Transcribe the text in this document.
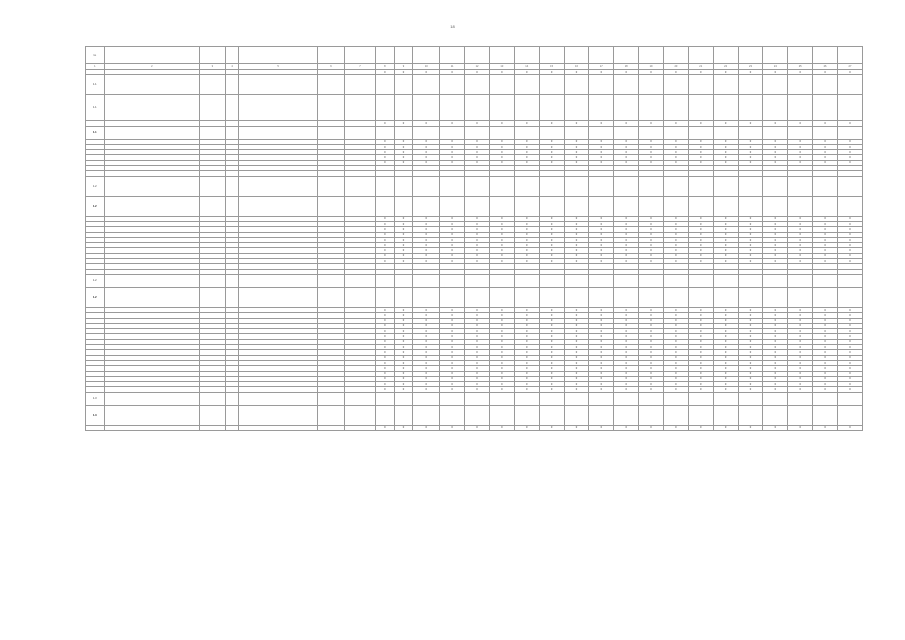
18
№																										
1	2	3	4	5	6	7	8	9	10	11	12	13	14	15	16	17	18	19	20	21	22	23	24	25	26	27
							0	0	0	0	0	0	0	0	0	0	0	0	0	0	0	0	0	0	0	0
1.1																										
1.1																										
							0	0	0	0	0	0	0	0	0	0	0	0	0	0	0	0	0	0	0	0
1.1																										
							0	0	0	0	0	0	0	0	0	0	0	0	0	0	0	0	0	0	0	0
							0	0	0	0	0	0	0	0	0	0	0	0	0	0	0	0	0	0	0	0
							0	0	0	0	0	0	0	0	0	0	0	0	0	0	0	0	0	0	0	0
							0	0	0	0	0	0	0	0	0	0	0	0	0	0	0	0	0	0	0	0
							0	0	0	0	0	0	0	0	0	0	0	0	0	0	0	0	0	0	0	0

1.2																										
1.2																										
							0	0	0	0	0	0	0	0	0	0	0	0	0	0	0	0	0	0	0	0
							0	0	0	0	0	0	0	0	0	0	0	0	0	0	0	0	0	0	0	0
							0	0	0	0	0	0	0	0	0	0	0	0	0	0	0	0	0	0	0	0
							0	0	0	0	0	0	0	0	0	0	0	0	0	0	0	0	0	0	0	0
							0	0	0	0	0	0	0	0	0	0	0	0	0	0	0	0	0	0	0	0
							0	0	0	0	0	0	0	0	0	0	0	0	0	0	0	0	0	0	0	0
							0	0	0	0	0	0	0	0	0	0	0	0	0	0	0	0	0	0	0	0
							0	0	0	0	0	0	0	0	0	0	0	0	0	0	0	0	0	0	0	0
							0	0	0	0	0	0	0	0	0	0	0	0	0	0	0	0	0	0	0	0

1.2																										
1.2																										
							0	0	0	0	0	0	0	0	0	0	0	0	0	0	0	0	0	0	0	0
							0	0	0	0	0	0	0	0	0	0	0	0	0	0	0	0	0	0	0	0
							0	0	0	0	0	0	0	0	0	0	0	0	0	0	0	0	0	0	0	0
							0	0	0	0	0	0	0	0	0	0	0	0	0	0	0	0	0	0	0	0
							0	0	0	0	0	0	0	0	0	0	0	0	0	0	0	0	0	0	0	0
							0	0	0	0	0	0	0	0	0	0	0	0	0	0	0	0	0	0	0	0
							0	0	0	0	0	0	0	0	0	0	0	0	0	0	0	0	0	0	0	0
							0	0	0	0	0	0	0	0	0	0	0	0	0	0	0	0	0	0	0	0
							0	0	0	0	0	0	0	0	0	0	0	0	0	0	0	0	0	0	0	0
							0	0	0	0	0	0	0	0	0	0	0	0	0	0	0	0	0	0	0	0
							0	0	0	0	0	0	0	0	0	0	0	0	0	0	0	0	0	0	0	0
							0	0	0	0	0	0	0	0	0	0	0	0	0	0	0	0	0	0	0	0
							0	0	0	0	0	0	0	0	0	0	0	0	0	0	0	0	0	0	0	0
							0	0	0	0	0	0	0	0	0	0	0	0	0	0	0	0	0	0	0	0
							0	0	0	0	0	0	0	0	0	0	0	0	0	0	0	0	0	0	0	0
							0	0	0	0	0	0	0	0	0	0	0	0	0	0	0	0	0	0	0	0
1.3																										
1.3																										
							0	0	0	0	0	0	0	0	0	0	0	0	0	0	0	0	0	0	0	0
